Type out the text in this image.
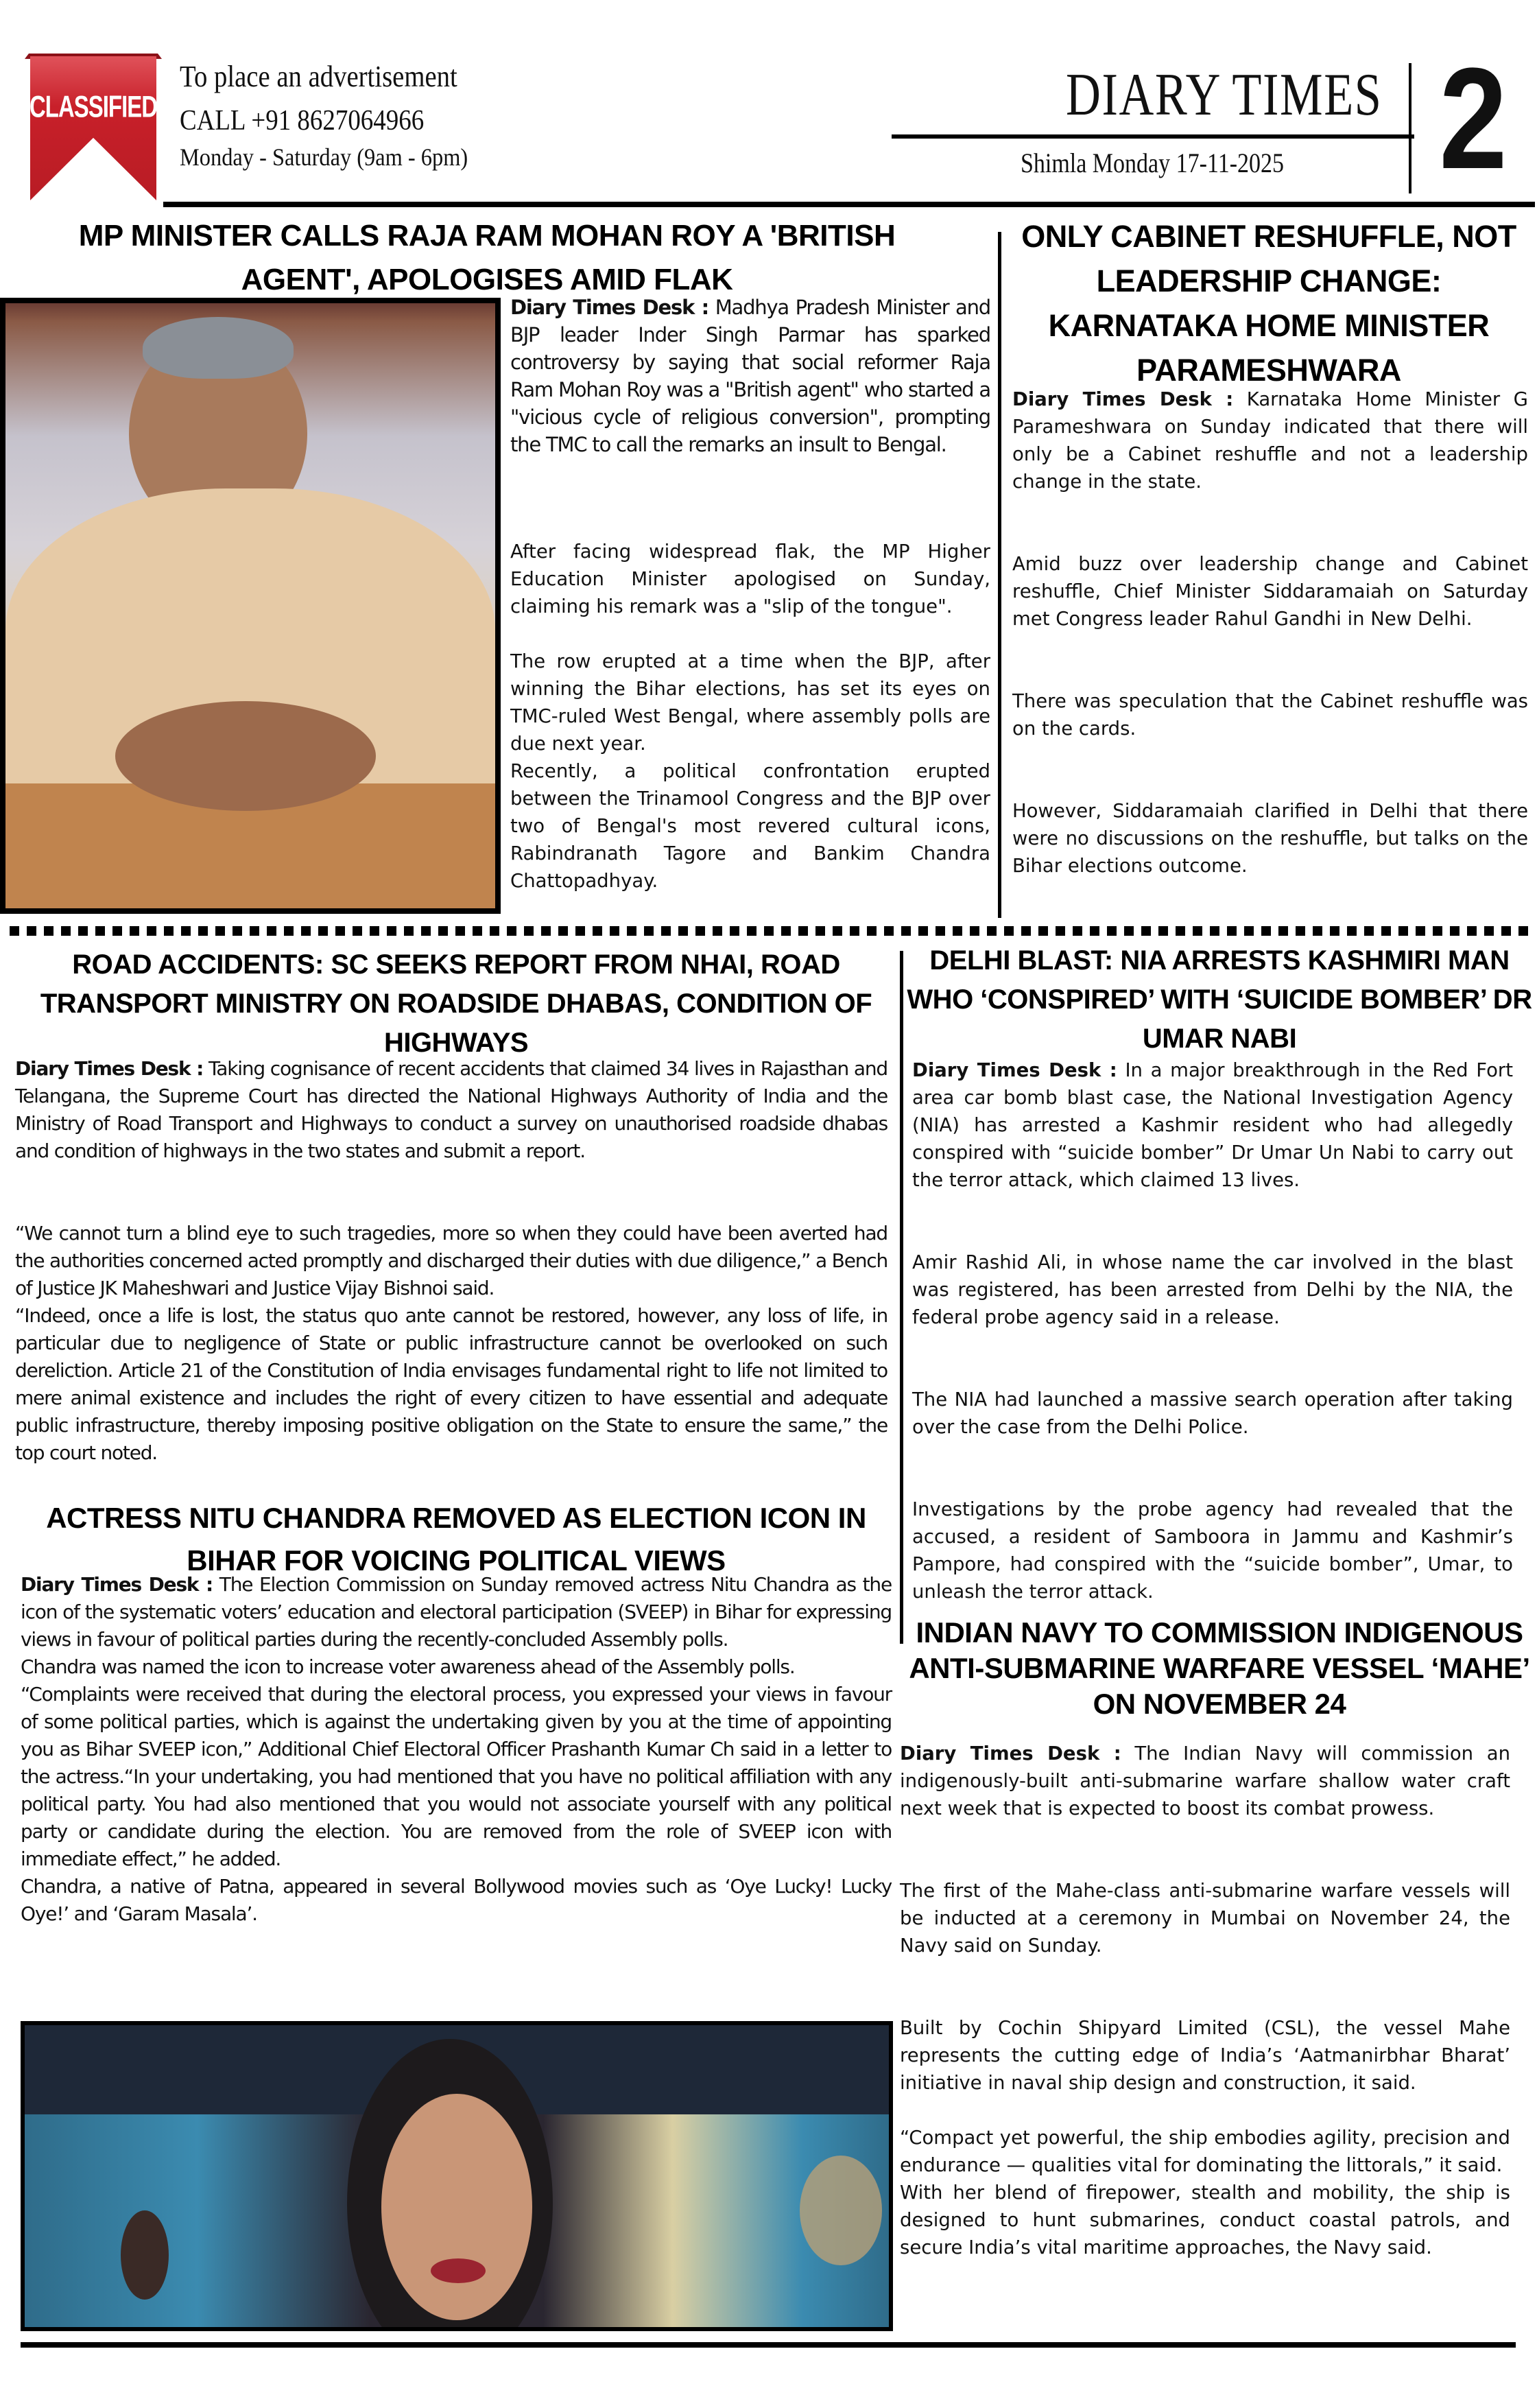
CLASSIFIED
To place an advertisement
CALL +91 8627064966
Monday - Saturday (9am - 6pm)
DIARY TIMES
Shimla Monday 17-11-2025	2
MP MINISTER CALLS RAJA RAM MOHAN ROY A 'BRITISH AGENT', APOLOGISES AMID FLAK

Diary Times Desk : Madhya Pradesh Minister and BJP leader Inder Singh Parmar has sparked controversy by saying that social reformer Raja Ram Mohan Roy was a "British agent" who started a "vicious cycle of religious conversion", prompting the TMC to call the remarks an insult to Bengal.

After facing widespread flak, the MP Higher Education Minister apologised on Sunday, claiming his remark was a "slip of the tongue".

The row erupted at a time when the BJP, after winning the Bihar elections, has set its eyes on TMC-ruled West Bengal, where assembly polls are due next year.

Recently, a political confrontation erupted between the Trinamool Congress and the BJP over two of Bengal's most revered cultural icons, Rabindranath Tagore and Bankim Chandra Chattopadhyay.

ONLY CABINET RESHUFFLE, NOT LEADERSHIP CHANGE: KARNATAKA HOME MINISTER PARAMESHWARA

Diary Times Desk : Karnataka Home Minister G Parameshwara on Sunday indicated that there will only be a Cabinet reshuffle and not a leadership change in the state.

Amid buzz over leadership change and Cabinet reshuffle, Chief Minister Siddaramaiah on Saturday met Congress leader Rahul Gandhi in New Delhi.

There was speculation that the Cabinet reshuffle was on the cards.

However, Siddaramaiah clarified in Delhi that there were no discussions on the reshuffle, but talks on the Bihar elections outcome.

ROAD ACCIDENTS: SC SEEKS REPORT FROM NHAI, ROAD TRANSPORT MINISTRY ON ROADSIDE DHABAS, CONDITION OF HIGHWAYS

Diary Times Desk : Taking cognisance of recent accidents that claimed 34 lives in Rajasthan and Telangana, the Supreme Court has directed the National Highways Authority of India and the Ministry of Road Transport and Highways to conduct a survey on unauthorised roadside dhabas and condition of highways in the two states and submit a report.

“We cannot turn a blind eye to such tragedies, more so when they could have been averted had the authorities concerned acted promptly and discharged their duties with due diligence,” a Bench of Justice JK Maheshwari and Justice Vijay Bishnoi said.

“Indeed, once a life is lost, the status quo ante cannot be restored, however, any loss of life, in particular due to negligence of State or public infrastructure cannot be overlooked on such dereliction. Article 21 of the Constitution of India envisages fundamental right to life not limited to mere animal existence and includes the right of every citizen to have essential and adequate public infrastructure, thereby imposing positive obligation on the State to ensure the same,” the top court noted.

ACTRESS NITU CHANDRA REMOVED AS ELECTION ICON IN BIHAR FOR VOICING POLITICAL VIEWS

Diary Times Desk : The Election Commission on Sunday removed actress Nitu Chandra as the icon of the systematic voters’ education and electoral participation (SVEEP) in Bihar for expressing views in favour of political parties during the recently-concluded Assembly polls.

Chandra was named the icon to increase voter awareness ahead of the Assembly polls.

“Complaints were received that during the electoral process, you expressed your views in favour of some political parties, which is against the undertaking given by you at the time of appointing you as Bihar SVEEP icon,” Additional Chief Electoral Officer Prashanth Kumar Ch said in a letter to the actress.“In your undertaking, you had mentioned that you have no political affiliation with any political party. You had also mentioned that you would not associate yourself with any political party or candidate during the election. You are removed from the role of SVEEP icon with immediate effect,” he added.

Chandra, a native of Patna, appeared in several Bollywood movies such as ‘Oye Lucky! Lucky Oye!’ and ‘Garam Masala’.

DELHI BLAST: NIA ARRESTS KASHMIRI MAN WHO ‘CONSPIRED’ WITH ‘SUICIDE BOMBER’ DR UMAR NABI

Diary Times Desk : In a major breakthrough in the Red Fort area car bomb blast case, the National Investigation Agency (NIA) has arrested a Kashmir resident who had allegedly conspired with “suicide bomber” Dr Umar Un Nabi to carry out the terror attack, which claimed 13 lives.

Amir Rashid Ali, in whose name the car involved in the blast was registered, has been arrested from Delhi by the NIA, the federal probe agency said in a release.

The NIA had launched a massive search operation after taking over the case from the Delhi Police.

Investigations by the probe agency had revealed that the accused, a resident of Samboora in Jammu and Kashmir’s Pampore, had conspired with the “suicide bomber”, Umar, to unleash the terror attack.

INDIAN NAVY TO COMMISSION INDIGENOUS ANTI-SUBMARINE WARFARE VESSEL ‘MAHE’ ON NOVEMBER 24

Diary Times Desk : The Indian Navy will commission an indigenously-built anti-submarine warfare shallow water craft next week that is expected to boost its combat prowess.

The first of the Mahe-class anti-submarine warfare vessels will be inducted at a ceremony in Mumbai on November 24, the Navy said on Sunday.

Built by Cochin Shipyard Limited (CSL), the vessel Mahe represents the cutting edge of India’s ‘Aatmanirbhar Bharat’ initiative in naval ship design and construction, it said.

“Compact yet powerful, the ship embodies agility, precision and endurance — qualities vital for dominating the littorals,” it said.

With her blend of firepower, stealth and mobility, the ship is designed to hunt submarines, conduct coastal patrols, and secure India’s vital maritime approaches, the Navy said.
